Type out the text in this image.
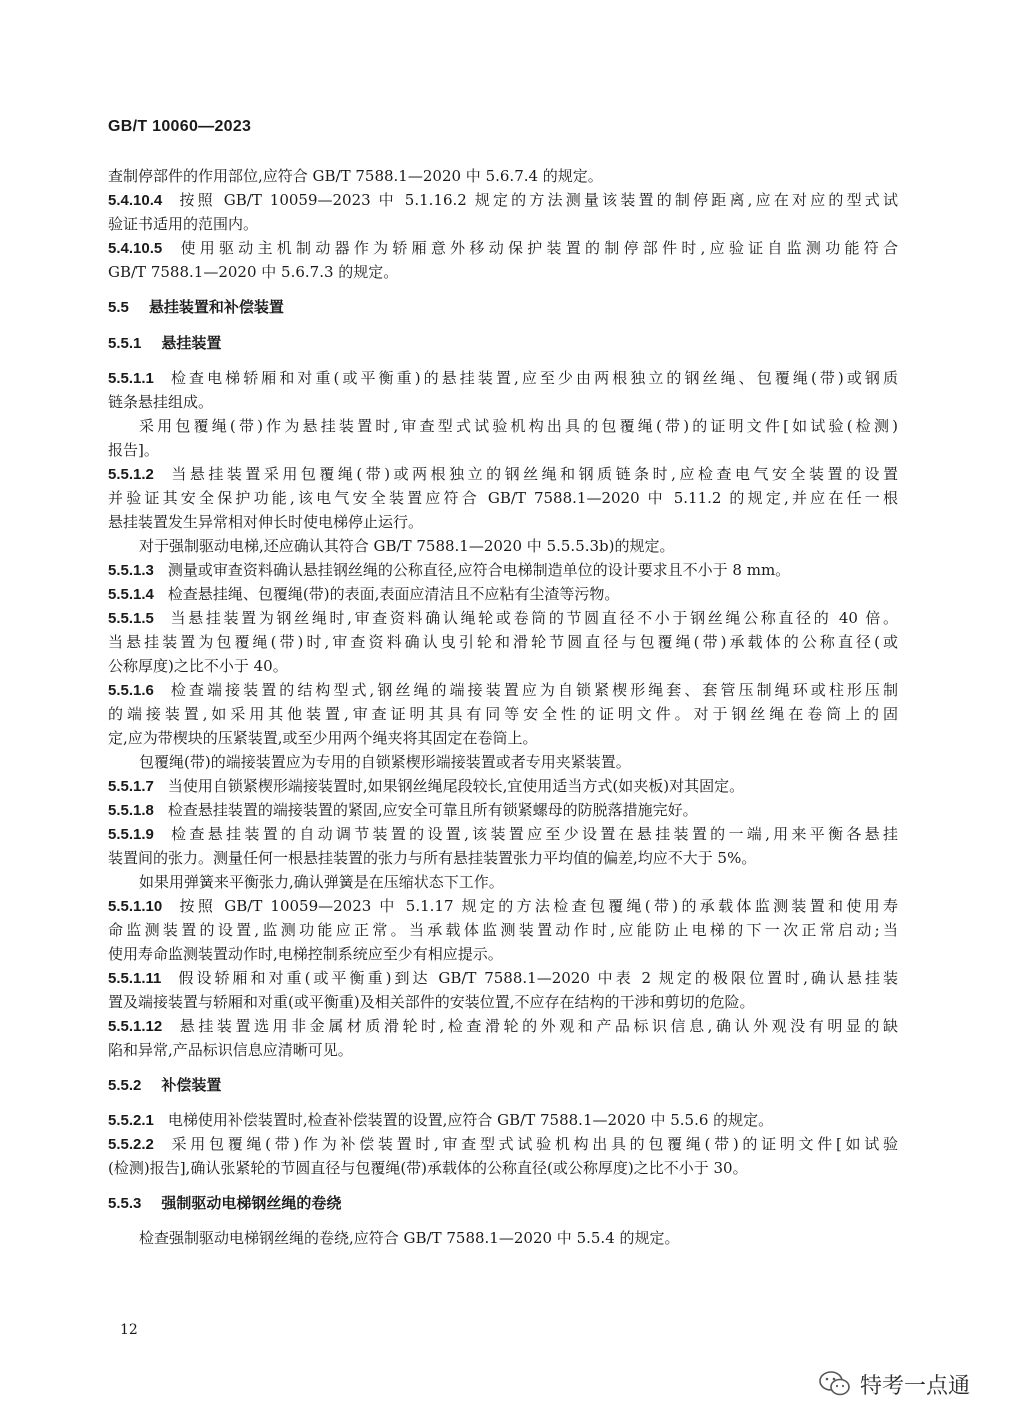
GB/T 10060—2023
查制停部件的作用部位,应符合 GB/T 7588.1—2020 中 5.6.7.4 的规定。
5.4.10.4 按照 GB/T 10059—2023 中 5.1.16.2 规定的方法测量该装置的制停距离,应在对应的型式试
验证书适用的范围内。
5.4.10.5 使用驱动主机制动器作为轿厢意外移动保护装置的制停部件时,应验证自监测功能符合
GB/T 7588.1—2020 中 5.6.7.3 的规定。
5.5 悬挂装置和补偿装置
5.5.1 悬挂装置
5.5.1.1 检查电梯轿厢和对重(或平衡重)的悬挂装置,应至少由两根独立的钢丝绳、包覆绳(带)或钢质
链条悬挂组成。
采用包覆绳(带)作为悬挂装置时,审查型式试验机构出具的包覆绳(带)的证明文件[如试验(检测)
报告]。
5.5.1.2 当悬挂装置采用包覆绳(带)或两根独立的钢丝绳和钢质链条时,应检查电气安全装置的设置
并验证其安全保护功能,该电气安全装置应符合 GB/T 7588.1—2020 中 5.11.2 的规定,并应在任一根
悬挂装置发生异常相对伸长时使电梯停止运行。
对于强制驱动电梯,还应确认其符合 GB/T 7588.1—2020 中 5.5.5.3b)的规定。
5.5.1.3 测量或审查资料确认悬挂钢丝绳的公称直径,应符合电梯制造单位的设计要求且不小于 8 mm。
5.5.1.4 检查悬挂绳、包覆绳(带)的表面,表面应清洁且不应粘有尘渣等污物。
5.5.1.5 当悬挂装置为钢丝绳时,审查资料确认绳轮或卷筒的节圆直径不小于钢丝绳公称直径的 40 倍。
当悬挂装置为包覆绳(带)时,审查资料确认曳引轮和滑轮节圆直径与包覆绳(带)承载体的公称直径(或
公称厚度)之比不小于 40。
5.5.1.6 检查端接装置的结构型式,钢丝绳的端接装置应为自锁紧楔形绳套、套管压制绳环或柱形压制
的端接装置,如采用其他装置,审查证明其具有同等安全性的证明文件。对于钢丝绳在卷筒上的固
定,应为带楔块的压紧装置,或至少用两个绳夹将其固定在卷筒上。
包覆绳(带)的端接装置应为专用的自锁紧楔形端接装置或者专用夹紧装置。
5.5.1.7 当使用自锁紧楔形端接装置时,如果钢丝绳尾段较长,宜使用适当方式(如夹板)对其固定。
5.5.1.8 检查悬挂装置的端接装置的紧固,应安全可靠且所有锁紧螺母的防脱落措施完好。
5.5.1.9 检查悬挂装置的自动调节装置的设置,该装置应至少设置在悬挂装置的一端,用来平衡各悬挂
装置间的张力。测量任何一根悬挂装置的张力与所有悬挂装置张力平均值的偏差,均应不大于 5%。
如果用弹簧来平衡张力,确认弹簧是在压缩状态下工作。
5.5.1.10 按照 GB/T 10059—2023 中 5.1.17 规定的方法检查包覆绳(带)的承载体监测装置和使用寿
命监测装置的设置,监测功能应正常。当承载体监测装置动作时,应能防止电梯的下一次正常启动;当
使用寿命监测装置动作时,电梯控制系统应至少有相应提示。
5.5.1.11 假设轿厢和对重(或平衡重)到达 GB/T 7588.1—2020 中表 2 规定的极限位置时,确认悬挂装
置及端接装置与轿厢和对重(或平衡重)及相关部件的安装位置,不应存在结构的干涉和剪切的危险。
5.5.1.12 悬挂装置选用非金属材质滑轮时,检查滑轮的外观和产品标识信息,确认外观没有明显的缺
陷和异常,产品标识信息应清晰可见。
5.5.2 补偿装置
5.5.2.1 电梯使用补偿装置时,检查补偿装置的设置,应符合 GB/T 7588.1—2020 中 5.5.6 的规定。
5.5.2.2 采用包覆绳(带)作为补偿装置时,审查型式试验机构出具的包覆绳(带)的证明文件[如试验
(检测)报告],确认张紧轮的节圆直径与包覆绳(带)承载体的公称直径(或公称厚度)之比不小于 30。
5.5.3 强制驱动电梯钢丝绳的卷绕
检查强制驱动电梯钢丝绳的卷绕,应符合 GB/T 7588.1—2020 中 5.5.4 的规定。
12
特考一点通
